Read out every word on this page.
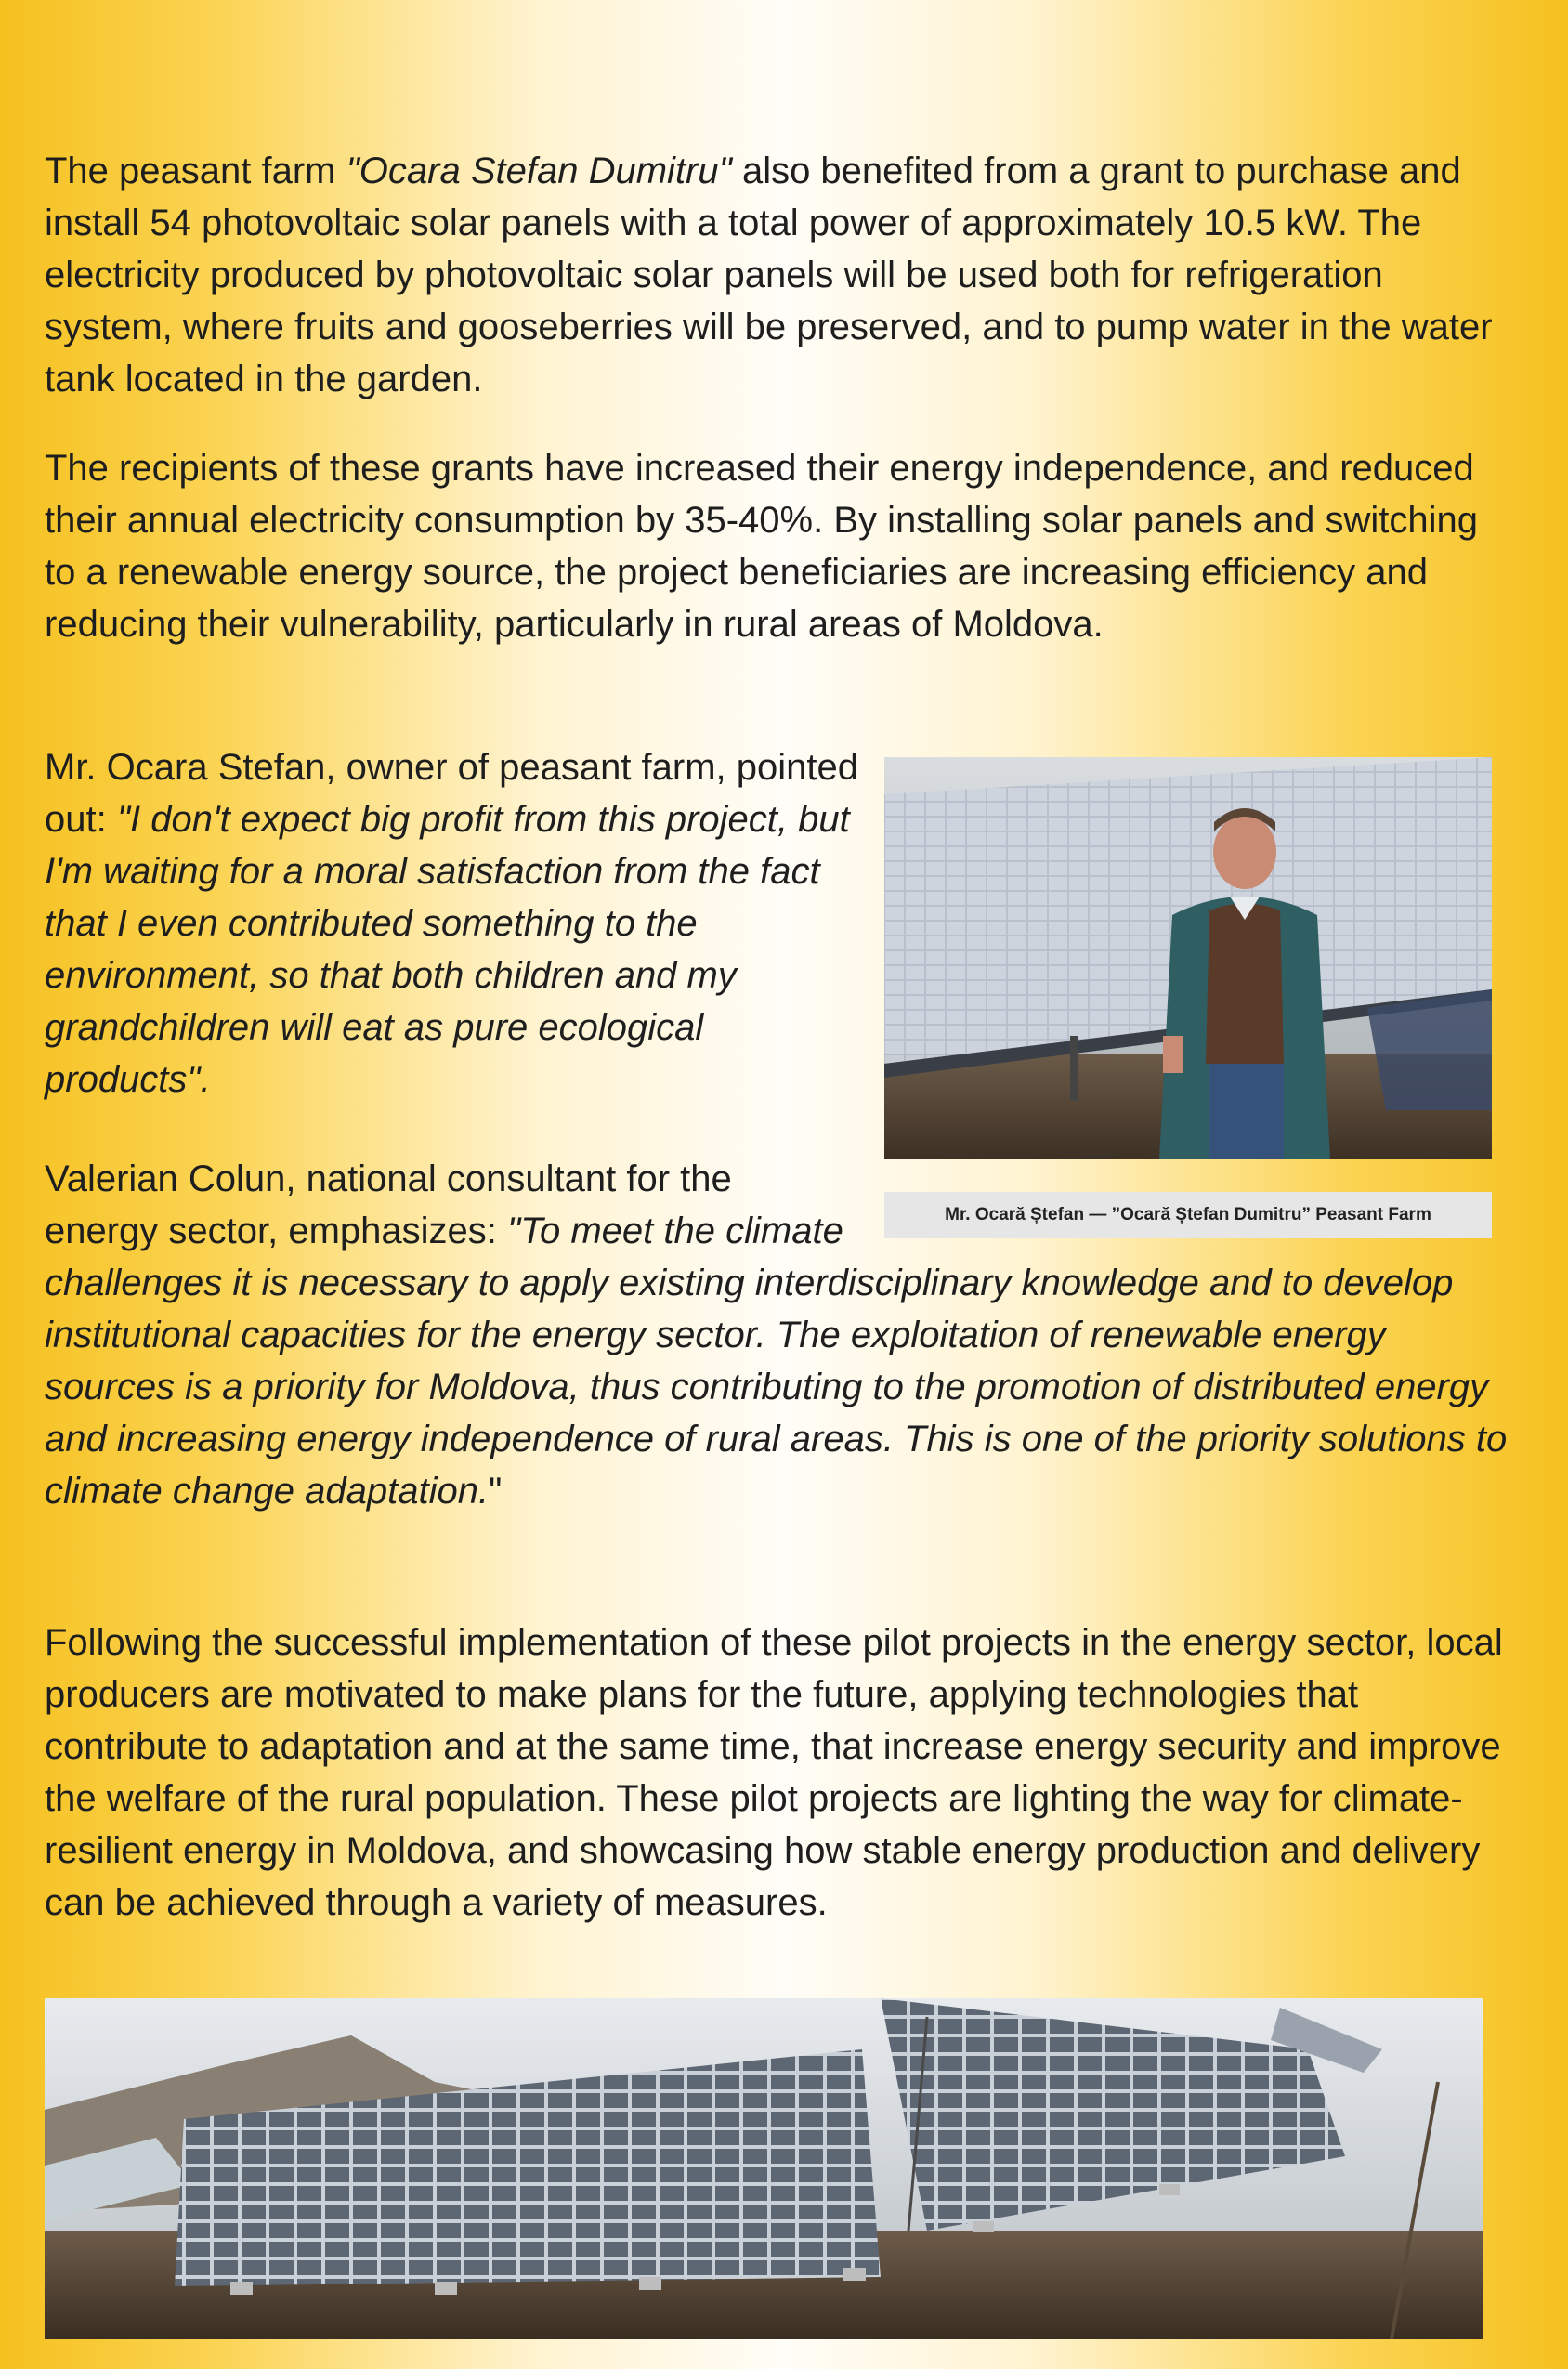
The peasant farm "Ocara Stefan Dumitru" also benefited from a grant to purchase and install 54 photovoltaic solar panels with a total power of approximately 10.5 kW. The electricity produced by photovoltaic solar panels will be used both for refrigeration system, where fruits and gooseberries will be preserved, and to pump water in the water tank located in the garden.

The recipients of these grants have increased their energy independence, and reduced their annual electricity consumption by 35-40%. By installing solar panels and switching to a renewable energy source, the project beneficiaries are increasing efficiency and reducing their vulnerability, particularly in rural areas of Moldova.

Mr. Ocara Stefan, owner of peasant farm, pointed out: "I don't expect big profit from this project, but I'm waiting for a moral satisfaction from the fact that I even contributed something to the environment, so that both children and my grandchildren will eat as pure ecological products".

Mr. Ocară Ștefan — ”Ocară Ștefan Dumitru” Peasant Farm

Valerian Colun, national consultant for the energy sector, emphasizes: "To meet the climate challenges it is necessary to apply existing interdisciplinary knowledge and to develop institutional capacities for the energy sector. The exploitation of renewable energy sources is a priority for Moldova, thus contributing to the promotion of distributed energy and increasing energy independence of rural areas. This is one of the priority solutions to climate change adaptation."

Following the successful implementation of these pilot projects in the energy sector, local producers are motivated to make plans for the future, applying technologies that contribute to adaptation and at the same time, that increase energy security and improve the welfare of the rural population. These pilot projects are lighting the way for climate-resilient energy in Moldova, and showcasing how stable energy production and delivery can be achieved through a variety of measures.
